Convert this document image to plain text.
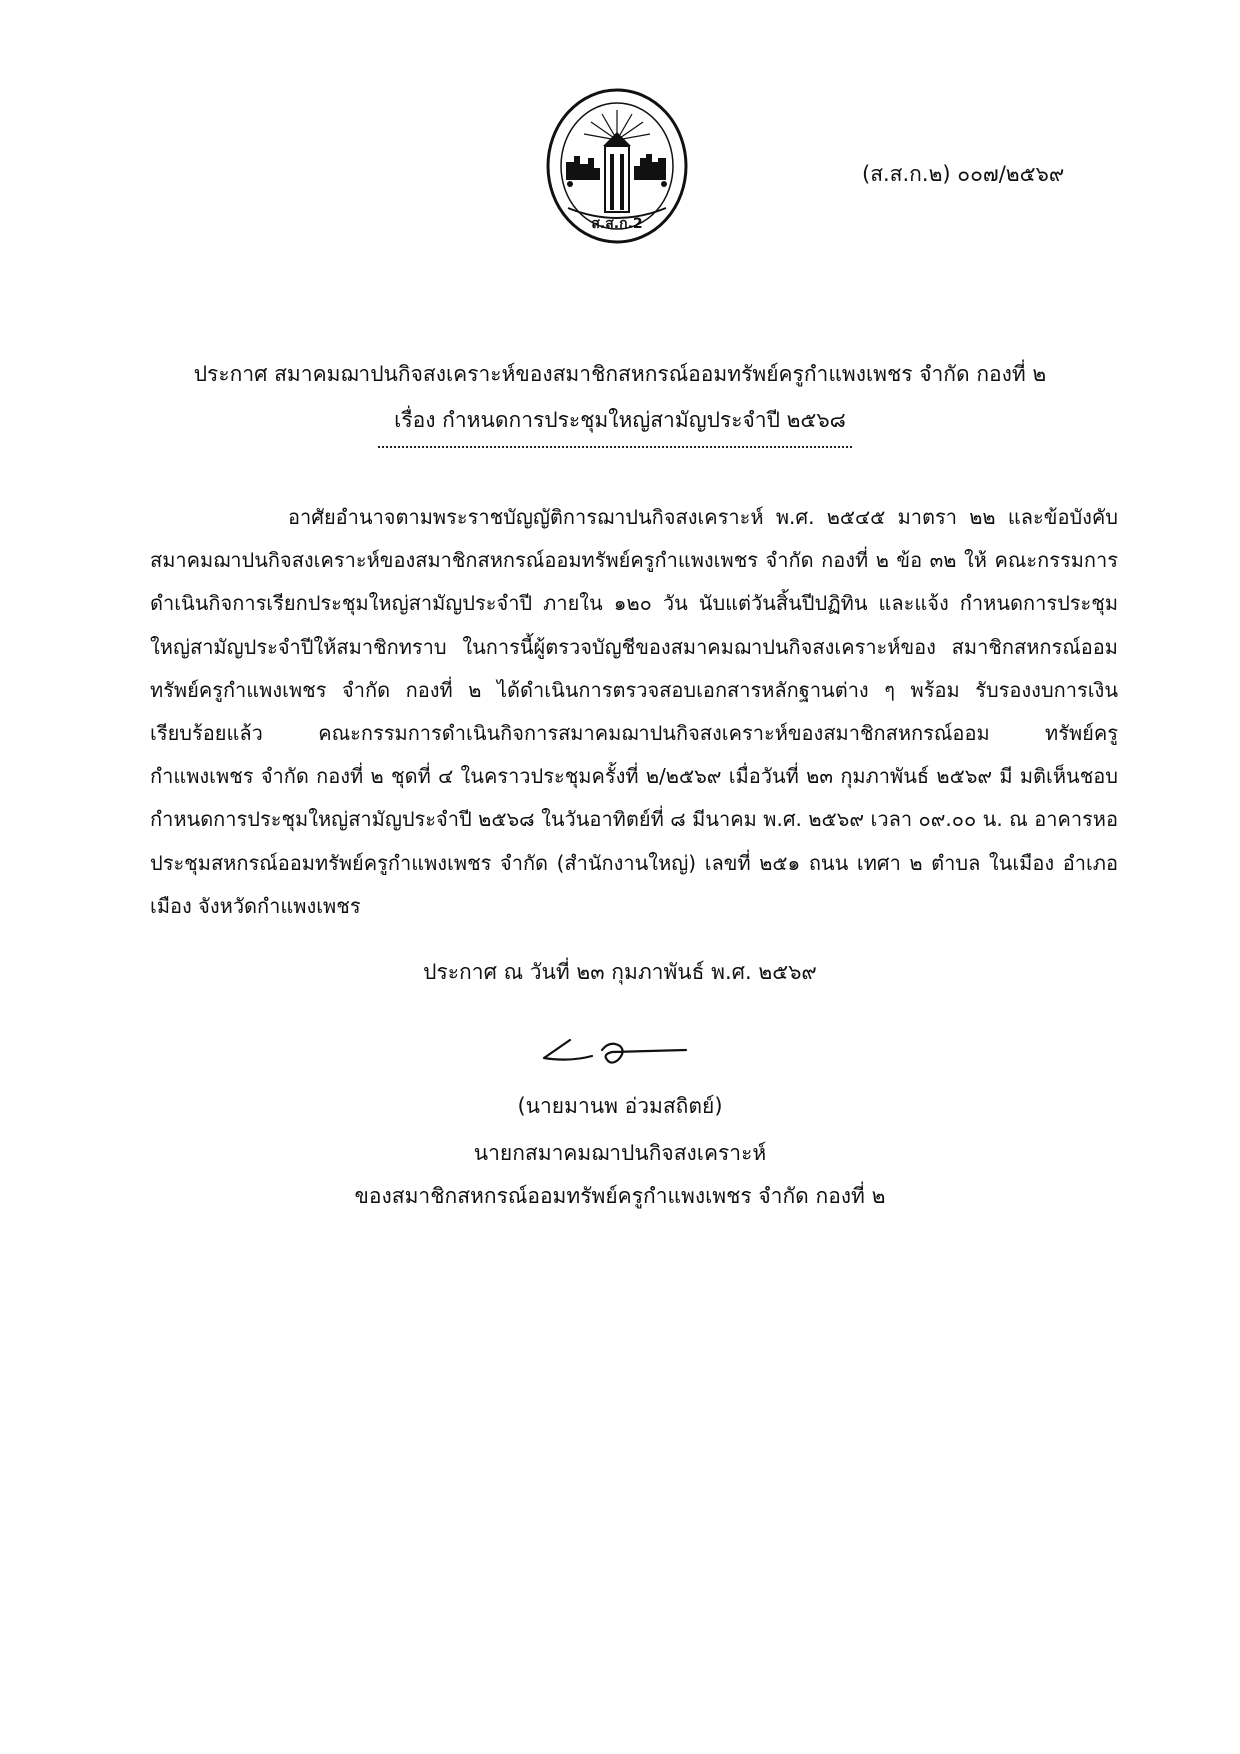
ส.ส.ก.2
(ส.ส.ก.๒) ๐๐๗/๒๕๖๙
ประกาศ สมาคมฌาปนกิจสงเคราะห์ของสมาชิกสหกรณ์ออมทรัพย์ครูกำแพงเพชร จำกัด กองที่ ๒
เรื่อง กำหนดการประชุมใหญ่สามัญประจำปี ๒๕๖๘
อาศัยอำนาจตามพระราชบัญญัติการฌาปนกิจสงเคราะห์ พ.ศ. ๒๕๔๕ มาตรา ๒๒ และข้อบังคับ สมาคมฌาปนกิจสงเคราะห์ของสมาชิกสหกรณ์ออมทรัพย์ครูกำแพงเพชร จำกัด กองที่ ๒ ข้อ ๓๒ ให้ คณะกรรมการดำเนินกิจการเรียกประชุมใหญ่สามัญประจำปี ภายใน ๑๒๐ วัน นับแต่วันสิ้นปีปฏิทิน และแจ้ง กำหนดการประชุมใหญ่สามัญประจำปีให้สมาชิกทราบ ในการนี้ผู้ตรวจบัญชีของสมาคมฌาปนกิจสงเคราะห์ของ สมาชิกสหกรณ์ออมทรัพย์ครูกำแพงเพชร จำกัด กองที่ ๒ ได้ดำเนินการตรวจสอบเอกสารหลักฐานต่าง ๆ พร้อม รับรองงบการเงินเรียบร้อยแล้ว คณะกรรมการดำเนินกิจการสมาคมฌาปนกิจสงเคราะห์ของสมาชิกสหกรณ์ออม ทรัพย์ครูกำแพงเพชร จำกัด กองที่ ๒ ชุดที่ ๔ ในคราวประชุมครั้งที่ ๒/๒๕๖๙ เมื่อวันที่ ๒๓ กุมภาพันธ์ ๒๕๖๙ มี มติเห็นชอบกำหนดการประชุมใหญ่สามัญประจำปี ๒๕๖๘ ในวันอาทิตย์ที่ ๘ มีนาคม พ.ศ. ๒๕๖๙ เวลา ๐๙.๐๐ น. ณ อาคารหอประชุมสหกรณ์ออมทรัพย์ครูกำแพงเพชร จำกัด (สำนักงานใหญ่) เลขที่ ๒๕๑ ถนน เทศา ๒ ตำบล ในเมือง อำเภอเมือง จังหวัดกำแพงเพชร
ประกาศ ณ วันที่ ๒๓ กุมภาพันธ์ พ.ศ. ๒๕๖๙
(นายมานพ อ่วมสถิตย์)
นายกสมาคมฌาปนกิจสงเคราะห์
ของสมาชิกสหกรณ์ออมทรัพย์ครูกำแพงเพชร จำกัด กองที่ ๒
